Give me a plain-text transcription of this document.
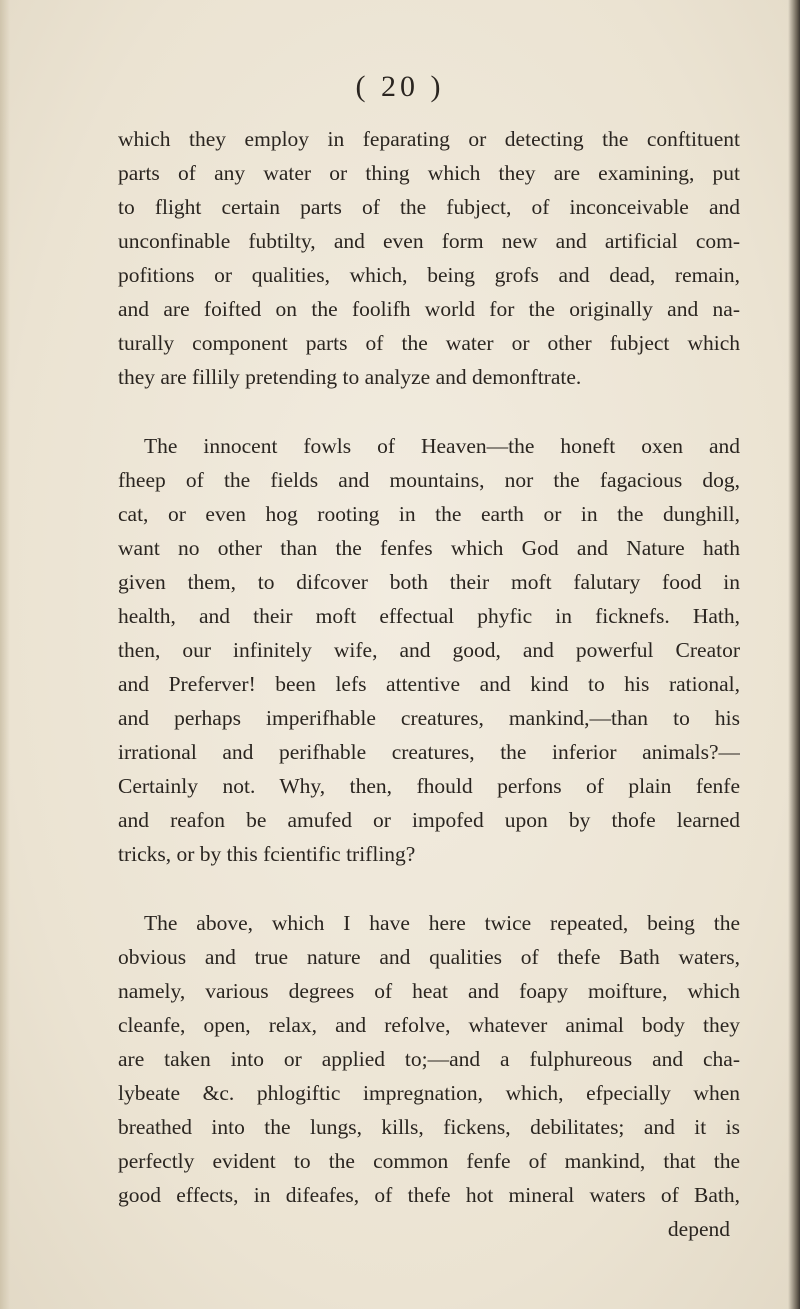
( 20 )
which they employ in feparating or detecting the conftituent
parts of any water or thing which they are examining, put
to flight certain parts of the fubject, of inconceivable and
unconfinable fubtilty, and even form new and artificial com-
pofitions or qualities, which, being grofs and dead, remain,
and are foifted on the foolifh world for the originally and na-
turally component parts of the water or other fubject which
they are fillily pretending to analyze and demonftrate.
The innocent fowls of Heaven—the honeft oxen and
fheep of the fields and mountains, nor the fagacious dog,
cat, or even hog rooting in the earth or in the dunghill,
want no other than the fenfes which God and Nature hath
given them, to difcover both their moft falutary food in
health, and their moft effectual phyfic in ficknefs. Hath,
then, our infinitely wife, and good, and powerful Creator
and Preferver! been lefs attentive and kind to his rational,
and perhaps imperifhable creatures, mankind,—than to his
irrational and perifhable creatures, the inferior animals?—
Certainly not. Why, then, fhould perfons of plain fenfe
and reafon be amufed or impofed upon by thofe learned
tricks, or by this fcientific trifling?
The above, which I have here twice repeated, being the
obvious and true nature and qualities of thefe Bath waters,
namely, various degrees of heat and foapy moifture, which
cleanfe, open, relax, and refolve, whatever animal body they
are taken into or applied to;—and a fulphureous and cha-
lybeate &c. phlogiftic impregnation, which, efpecially when
breathed into the lungs, kills, fickens, debilitates; and it is
perfectly evident to the common fenfe of mankind, that the
good effects, in difeafes, of thefe hot mineral waters of Bath,
depend
